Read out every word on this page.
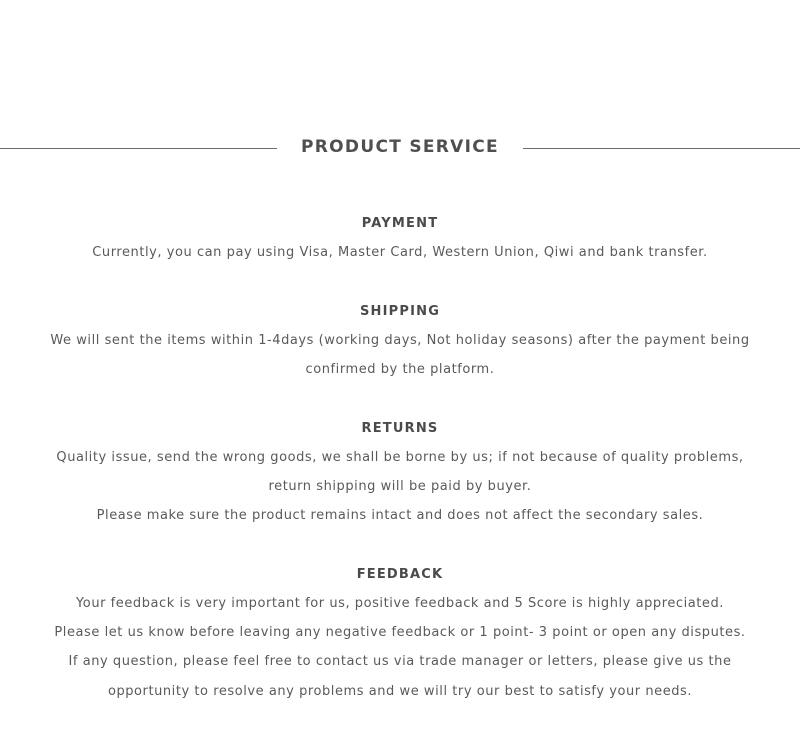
PRODUCT SERVICE
PAYMENT

Currently, you can pay using Visa, Master Card, Western Union, Qiwi and bank transfer.

SHIPPING

We will sent the items within 1-4days (working days, Not holiday seasons) after the payment being

confirmed by the platform.

RETURNS

Quality issue, send the wrong goods, we shall be borne by us; if not because of quality problems,

return shipping will be paid by buyer.

Please make sure the product remains intact and does not affect the secondary sales.

FEEDBACK

Your feedback is very important for us, positive feedback and 5 Score is highly appreciated.

Please let us know before leaving any negative feedback or 1 point- 3 point or open any disputes.

If any question, please feel free to contact us via trade manager or letters, please give us the

opportunity to resolve any problems and we will try our best to satisfy your needs.
